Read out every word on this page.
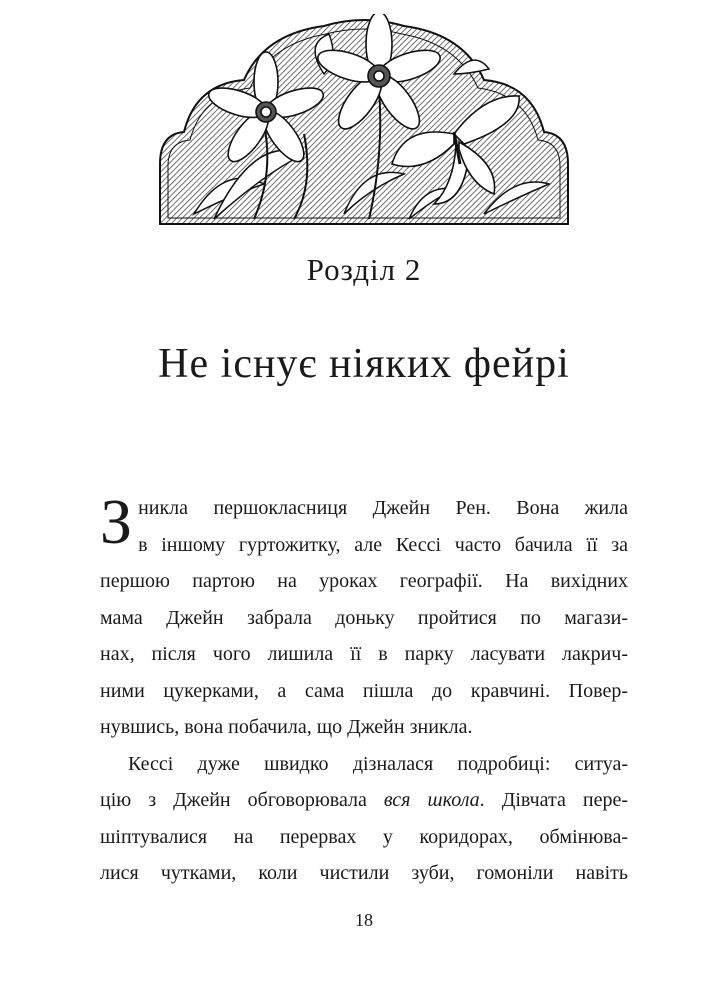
Розділ 2
Не існує ніяких фейрі
З никла першокласниця Джейн Рен. Вона жила
в іншому гуртожитку, але Кессі часто бачила її за
першою партою на уроках географії. На вихідних
мама Джейн забрала доньку пройтися по магази-
нах, після чого лишила її в парку ласувати лакрич-
ними цукерками, а сама пішла до кравчині. Повер-
нувшись, вона побачила, що Джейн зникла.
Кессі дуже швидко дізналася подробиці: ситуа-
цію з Джейн обговорювала вся школа. Дівчата пере-
шіптувалися на перервах у коридорах, обмінюва-
лися чутками, коли чистили зуби, гомоніли навіть
18
